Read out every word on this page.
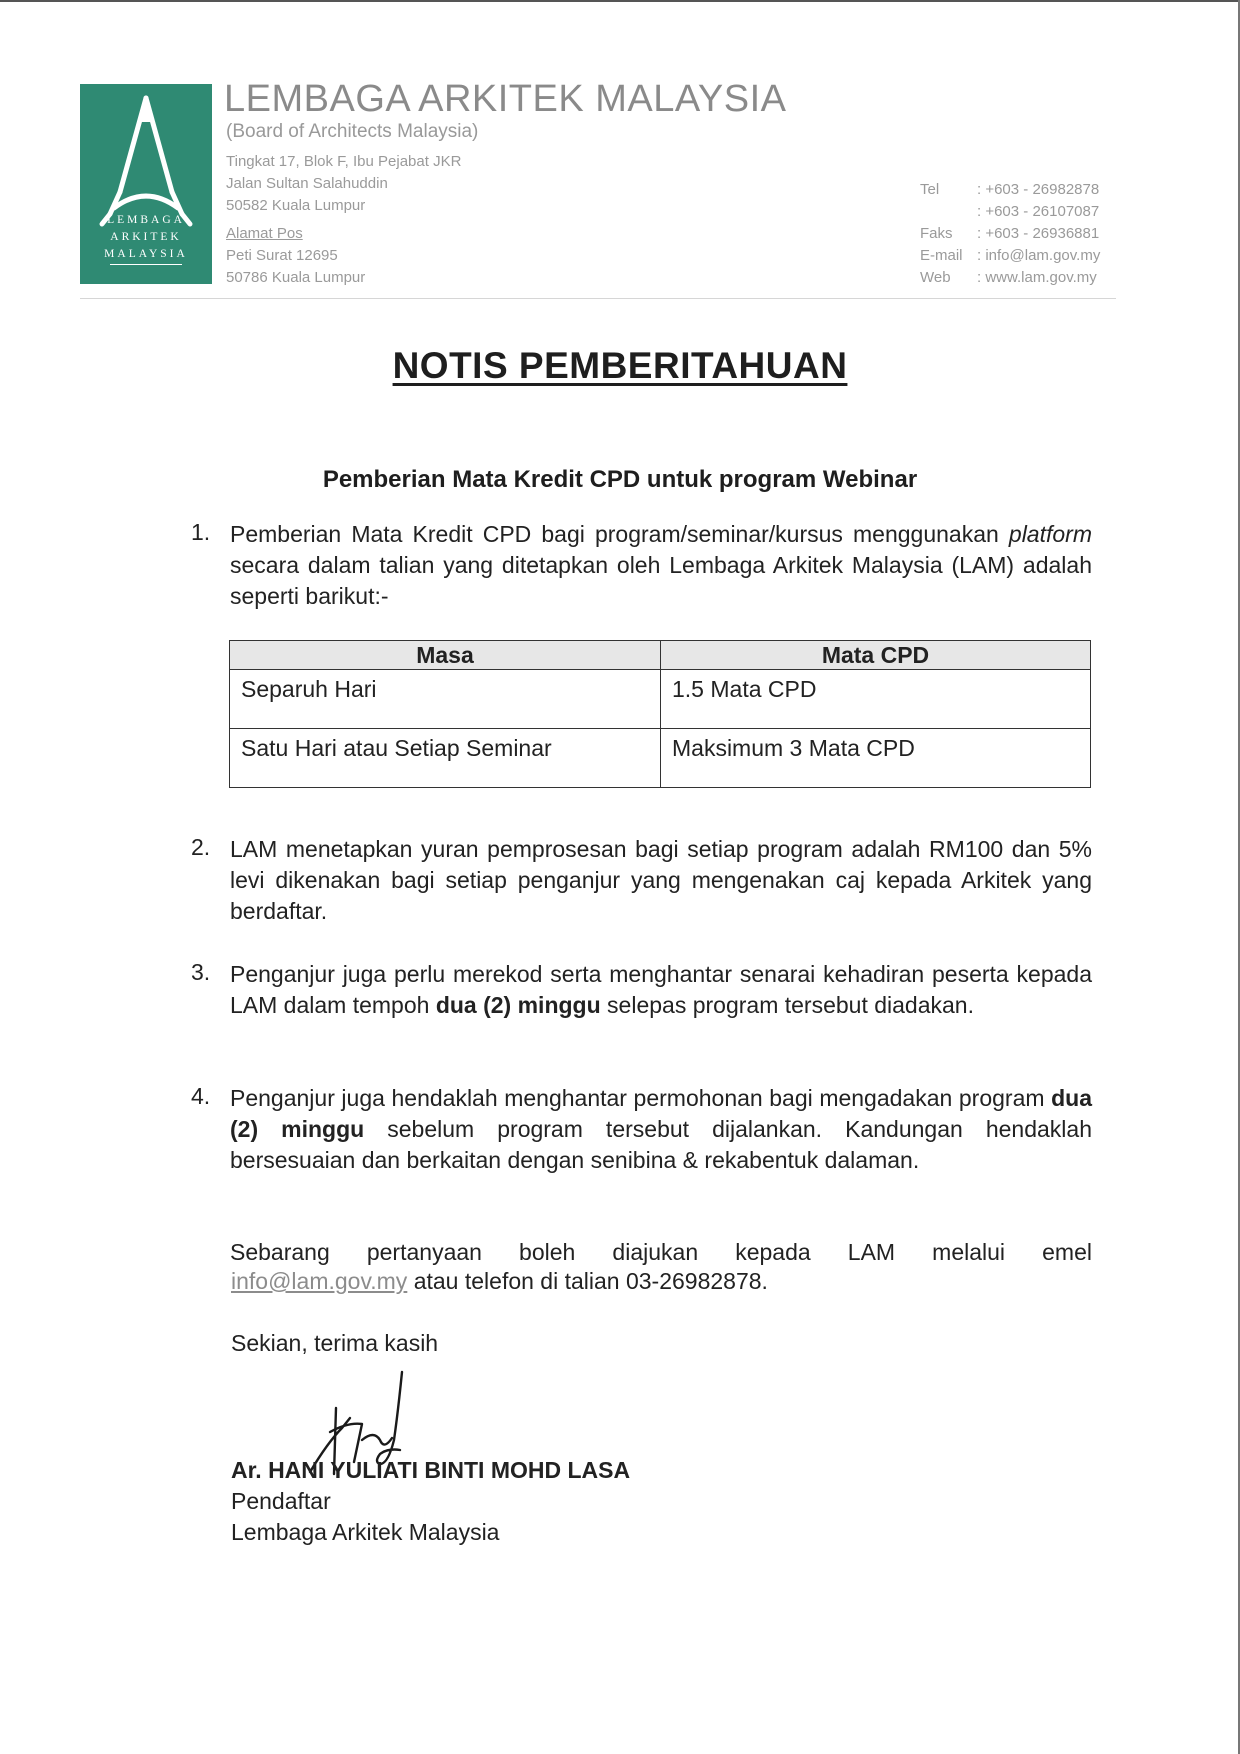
LEMBAGA
ARKITEK
MALAYSIA
LEMBAGA ARKITEK MALAYSIA
(Board of Architects Malaysia)
Tingkat 17, Blok F, Ibu Pejabat JKR
Jalan Sultan Salahuddin
50582 Kuala Lumpur
Alamat Pos
Peti Surat 12695
50786 Kuala Lumpur
Tel	: +603 - 26982878
: +603 - 26107087
Faks : +603 - 26936881
E-mail : info@lam.gov.my
Web : www.lam.gov.my
NOTIS PEMBERITAHUAN
Pemberian Mata Kredit CPD untuk program Webinar
1. Pemberian Mata Kredit CPD bagi program/seminar/kursus menggunakan platform secara dalam talian yang ditetapkan oleh Lembaga Arkitek Malaysia (LAM) adalah seperti barikut:-
Masa	Mata CPD
Separuh Hari	1.5 Mata CPD
Satu Hari atau Setiap Seminar	Maksimum 3 Mata CPD
2. LAM menetapkan yuran pemprosesan bagi setiap program adalah RM100 dan 5% levi dikenakan bagi setiap penganjur yang mengenakan caj kepada Arkitek yang berdaftar.
3. Penganjur juga perlu merekod serta menghantar senarai kehadiran peserta kepada LAM dalam tempoh dua (2) minggu selepas program tersebut diadakan.
4. Penganjur juga hendaklah menghantar permohonan bagi mengadakan program dua (2) minggu sebelum program tersebut dijalankan. Kandungan hendaklah bersesuaian dan berkaitan dengan senibina & rekabentuk dalaman.
Sebarang pertanyaan boleh diajukan kepada LAM melalui emel
info@lam.gov.my atau telefon di talian 03-26982878.
Sekian, terima kasih
Ar. HANI YULIATI BINTI MOHD LASA
Pendaftar
Lembaga Arkitek Malaysia
